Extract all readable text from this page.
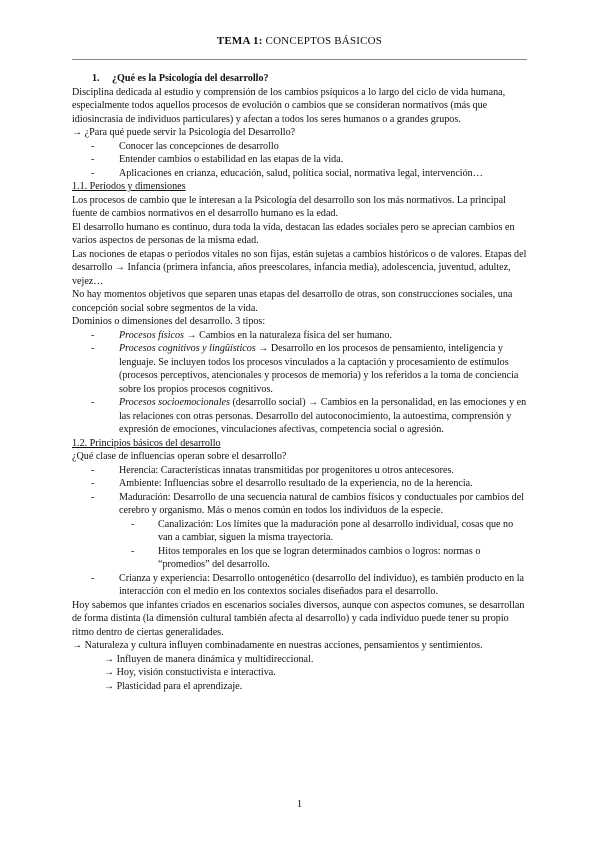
TEMA 1: CONCEPTOS BÁSICOS

1. ¿Qué es la Psicología del desarrollo?

Disciplina dedicada al estudio y comprensión de los cambios psíquicos a lo largo del ciclo de vida humana, especialmente todos aquellos procesos de evolución o cambios que se consideran normativos (más que idiosincrasia de individuos particulares) y afectan a todos los seres humanos o a grandes grupos.

→ ¿Para qué puede servir la Psicología del Desarrollo?

- Conocer las concepciones de desarrollo
- Entender cambios o estabilidad en las etapas de la vida.
- Aplicaciones en crianza, educación, salud, política social, normativa legal, intervención…

1.1. Periodos y dimensiones

Los procesos de cambio que le interesan a la Psicología del desarrollo son los más normativos. La principal fuente de cambios normativos en el desarrollo humano es la edad.

El desarrollo humano es continuo, dura toda la vida, destacan las edades sociales pero se aprecian cambios en varios aspectos de personas de la misma edad.

Las nociones de etapas o periodos vitales no son fijas, están sujetas a cambios históricos o de valores. Etapas del desarrollo → Infancia (primera infancia, años preescolares, infancia media), adolescencia, juventud, adultez, vejez…

No hay momentos objetivos que separen unas etapas del desarrollo de otras, son construcciones sociales, una concepción social sobre segmentos de la vida.

Dominios o dimensiones del desarrollo. 3 tipos:

- Procesos físicos → Cambios en la naturaleza física del ser humano.
- Procesos cognitivos y lingüísticos → Desarrollo en los procesos de pensamiento, inteligencia y lenguaje. Se incluyen todos los procesos vinculados a la captación y procesamiento de estímulos (procesos perceptivos, atencionales y procesos de memoria) y los referidos a la toma de conciencia sobre los propios procesos cognitivos.
- Procesos socioemocionales (desarrollo social) → Cambios en la personalidad, en las emociones y en las relaciones con otras personas. Desarrollo del autoconocimiento, la autoestima, comprensión y expresión de emociones, vinculaciones afectivas, competencia social o agresión.

1.2. Principios básicos del desarrollo

¿Qué clase de influencias operan sobre el desarrollo?

- Herencia: Características innatas transmitidas por progenitores u otros antecesores.
- Ambiente: Influencias sobre el desarrollo resultado de la experiencia, no de la herencia.
- Maduración: Desarrollo de una secuencia natural de cambios físicos y conductuales por cambios del cerebro y organismo. Más o menos común en todos los individuos de la especie.
- Canalización: Los límites que la maduración pone al desarrollo individual, cosas que no van a cambiar, siguen la misma trayectoria.
- Hitos temporales en los que se logran determinados cambios o logros: normas o “promedios” del desarrollo.
- Crianza y experiencia: Desarrollo ontogenético (desarrollo del individuo), es también producto en la interacción con el medio en los contextos sociales diseñados para el desarrollo.

Hoy sabemos que infantes criados en escenarios sociales diversos, aunque con aspectos comunes, se desarrollan de forma distinta (la dimensión cultural también afecta al desarrollo) y cada individuo puede tener su propio ritmo dentro de ciertas generalidades.

→ Naturaleza y cultura influyen combinadamente en nuestras acciones, pensamientos y sentimientos.

→ Influyen de manera dinámica y multidireccional.

→ Hoy, visión constuctivista e interactiva.

→ Plasticidad para el aprendizaje.

1
